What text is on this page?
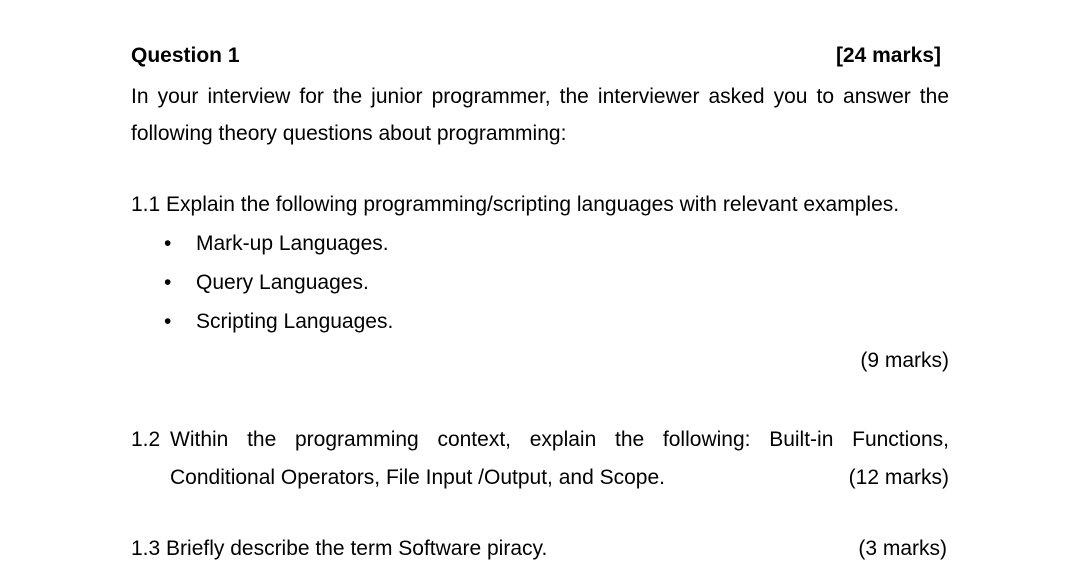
Question 1	[24 marks]
In your interview for the junior programmer, the interviewer asked you to answer the following theory questions about programming:
1.1 Explain the following programming/scripting languages with relevant examples.
• Mark-up Languages.
• Query Languages.
• Scripting Languages.
(9 marks)
1.2 Within the programming context, explain the following: Built-in Functions,
Conditional Operators, File Input /Output, and Scope.	(12 marks)
1.3 Briefly describe the term Software piracy.	(3 marks)
